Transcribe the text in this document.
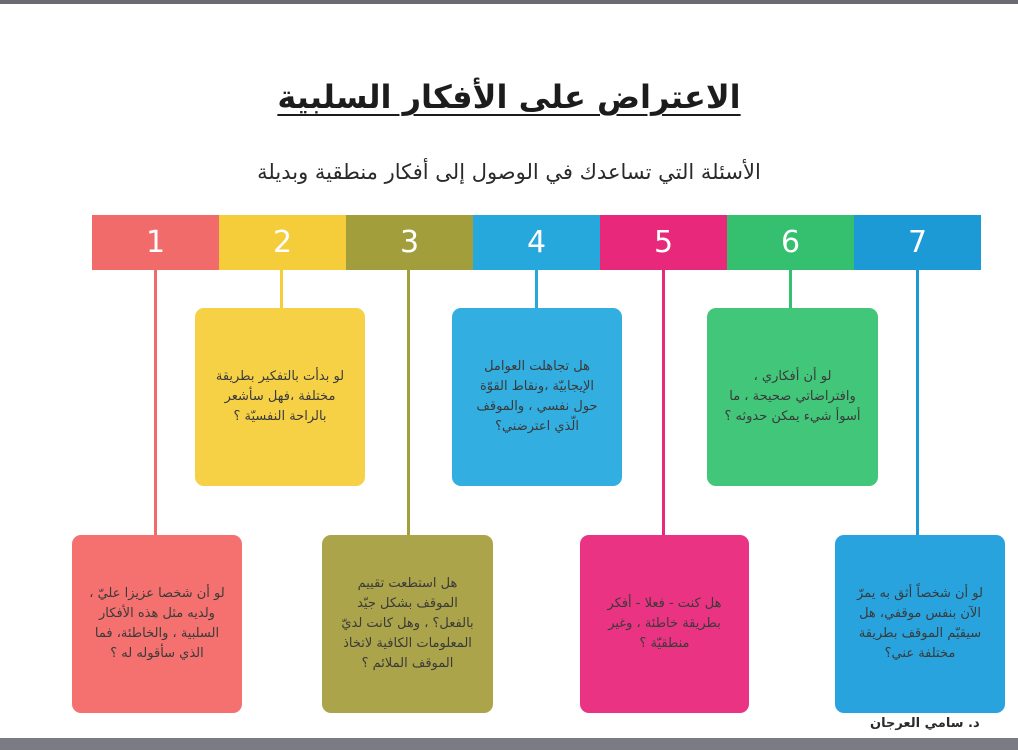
الاعتراض على الأفكار السلبية
الأسئلة التي تساعدك في الوصول إلى أفكار منطقية وبديلة
1	2	3	4	5	6	7
لو أن شخصا عزيزا عليّ ، ولديه مثل هذه الأفكار السلبية ، والخاطئة، فما الذي سأقوله له ؟
لو بدأت بالتفكير بطريقة مختلفة ،فهل سأشعر بالراحة النفسيّة ؟
هل استطعت تقييم الموقف بشكل جيّد بالفعل؟ ، وهل كانت لديّ المعلومات الكافية لاتخاذ الموقف الملائم ؟
هل تجاهلت العوامل الإيجابيّة ،ونقاط القوّة حول نفسي ، والموقف الّذي اعترضني؟
هل كنت - فعلا - أفكر بطريقة خاطئة ، وغير منطقيّة ؟
لو أن أفكاري ، وافتراضاتي صحيحة ، ما أسوأ شيء يمكن حدوثه ؟
لو أن شخصاً أثق به يمرّ الآن بنفس موقفي، هل سيقيّم الموقف بطريقة مختلفة عني؟
د. سامي العرجان
